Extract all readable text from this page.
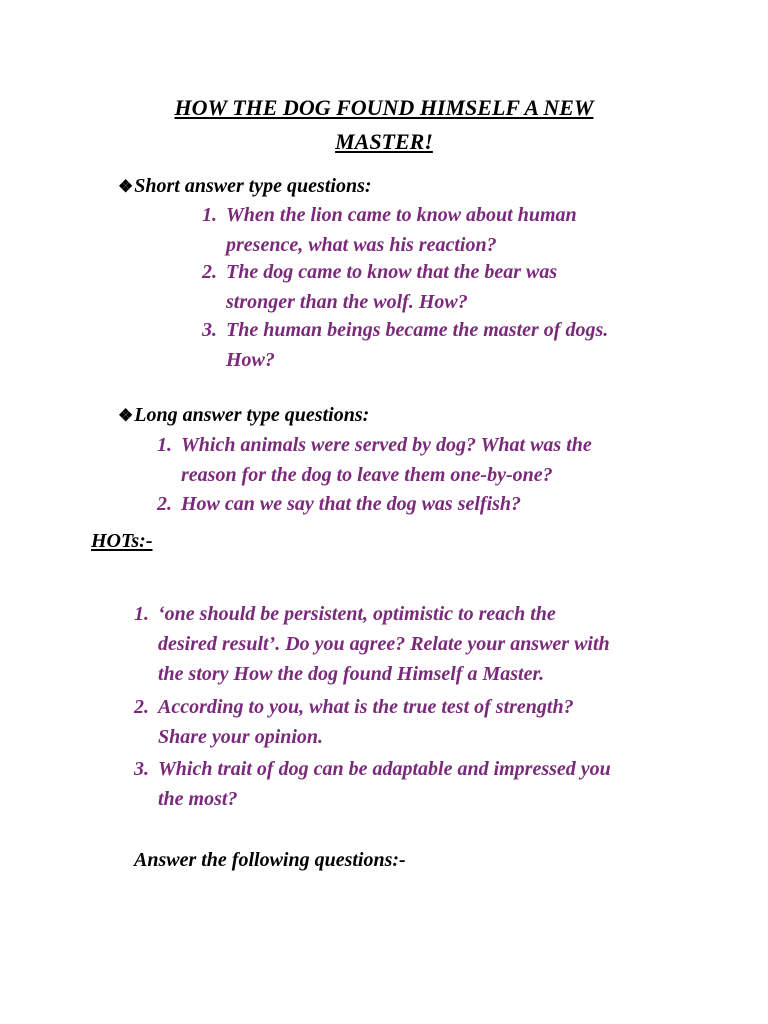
HOW THE DOG FOUND HIMSELF A NEW
MASTER!
❖Short answer type questions:
1. When the lion came to know about human
presence, what was his reaction?
2. The dog came to know that the bear was
stronger than the wolf. How?
3. The human beings became the master of dogs.
How?
❖Long answer type questions:
1. Which animals were served by dog? What was the
reason for the dog to leave them one-by-one?
2. How can we say that the dog was selfish?
HOTs:-
1. ‘one should be persistent, optimistic to reach the
desired result’. Do you agree? Relate your answer with
the story How the dog found Himself a Master.
2. According to you, what is the true test of strength?
Share your opinion.
3. Which trait of dog can be adaptable and impressed you
the most?
Answer the following questions:-
